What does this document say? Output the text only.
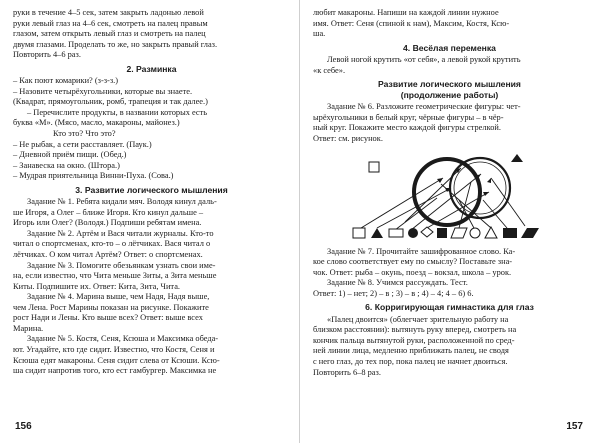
руки в течение 4–5 сек, затем закрыть ладонью левой

руки левый глаз на 4–6 сек, смотреть на палец правым

глазом, затем открыть левый глаз и смотреть на палец

двумя глазами. Проделать то же, но закрыть правый глаз.

Повторить 4–6 раз.

2. Разминка

– Как поют комарики? (з-з-з.)

– Назовите четырёхугольники, которые вы знаете.

(Квадрат, прямоугольник, ромб, трапеция и так далее.)

– Перечислите продукты, в названии которых есть

буква «М». (Мясо, масло, макароны, майонез.)

Кто это? Что это?

– Не рыбак, а сети расставляет. (Паук.)

– Дневной приём пищи. (Обед.)

– Занавеска на окно. (Штора.)

– Мудрая приятельница Винни-Пуха. (Сова.)

3. Развитие логического мышления

Задание № 1. Ребята кидали мяч. Володя кинул даль-

ше Игоря, а Олег – ближе Игоря. Кто кинул дальше –

Игорь или Олег? (Володя.) Подпиши ребятам имена.

Задание № 2. Артём и Вася читали журналы. Кто-то

читал о спортсменах, кто-то – о лётчиках. Вася читал о

лётчиках. О ком читал Артём? Ответ: о спортсменах.

Задание № 3. Помогите обезьянкам узнать свои име-

на, если известно, что Чита меньше Зиты, а Зита меньше

Киты. Подпишите их. Ответ: Кита, Зита, Чита.

Задание № 4. Марина выше, чем Надя, Надя выше,

чем Лена. Рост Марины показан на рисунке. Покажите

рост Нади и Лены. Кто выше всех? Ответ: выше всех

Марина.

Задание № 5. Костя, Сеня, Ксюша и Максимка обеда-

ют. Угадайте, кто где сидит. Известно, что Костя, Сеня и

Ксюша едят макароны. Сеня сидит слева от Ксюши. Ксю-

ша сидит напротив того, кто ест гамбургер. Максимка не

156

любит макароны. Напиши на каждой линии нужное

имя. Ответ: Сеня (спиной к нам), Максим, Костя, Ксю-

ша.

4. Весёлая переменка

Левой ногой крутить «от себя», а левой рукой крутить

«к себе».

Развитие логического мышления
(продолжение работы)

Задание № 6. Разложите геометрические фигуры: чет-

ырёхугольники в белый круг, чёрные фигуры – в чёр-

ный круг. Покажите место каждой фигуры стрелкой.

Ответ: см. рисунок.

Задание № 7. Прочитайте зашифрованное слово. Ка-

кое слово соответствует ему по смыслу? Поставьте зна-

чок. Ответ: рыба – окунь, поезд – вокзал, школа – урок.

Задание № 8. Учимся рассуждать. Тест.

Ответ: 1) – нет; 2) – в ; 3) – в ; 4) – 4; 4 – 6) 6.

6. Корригирующая гимнастика для глаз

«Палец двоится» (облегчает зрительную работу на

близком расстоянии): вытянуть руку вперед, смотреть на

кончик пальца вытянутой руки, расположенной по сред-

ней линии лица, медленно приближать палец, не сводя

с него глаз, до тех пор, пока палец не начнет двоиться.

Повторить 6–8 раз.

157
